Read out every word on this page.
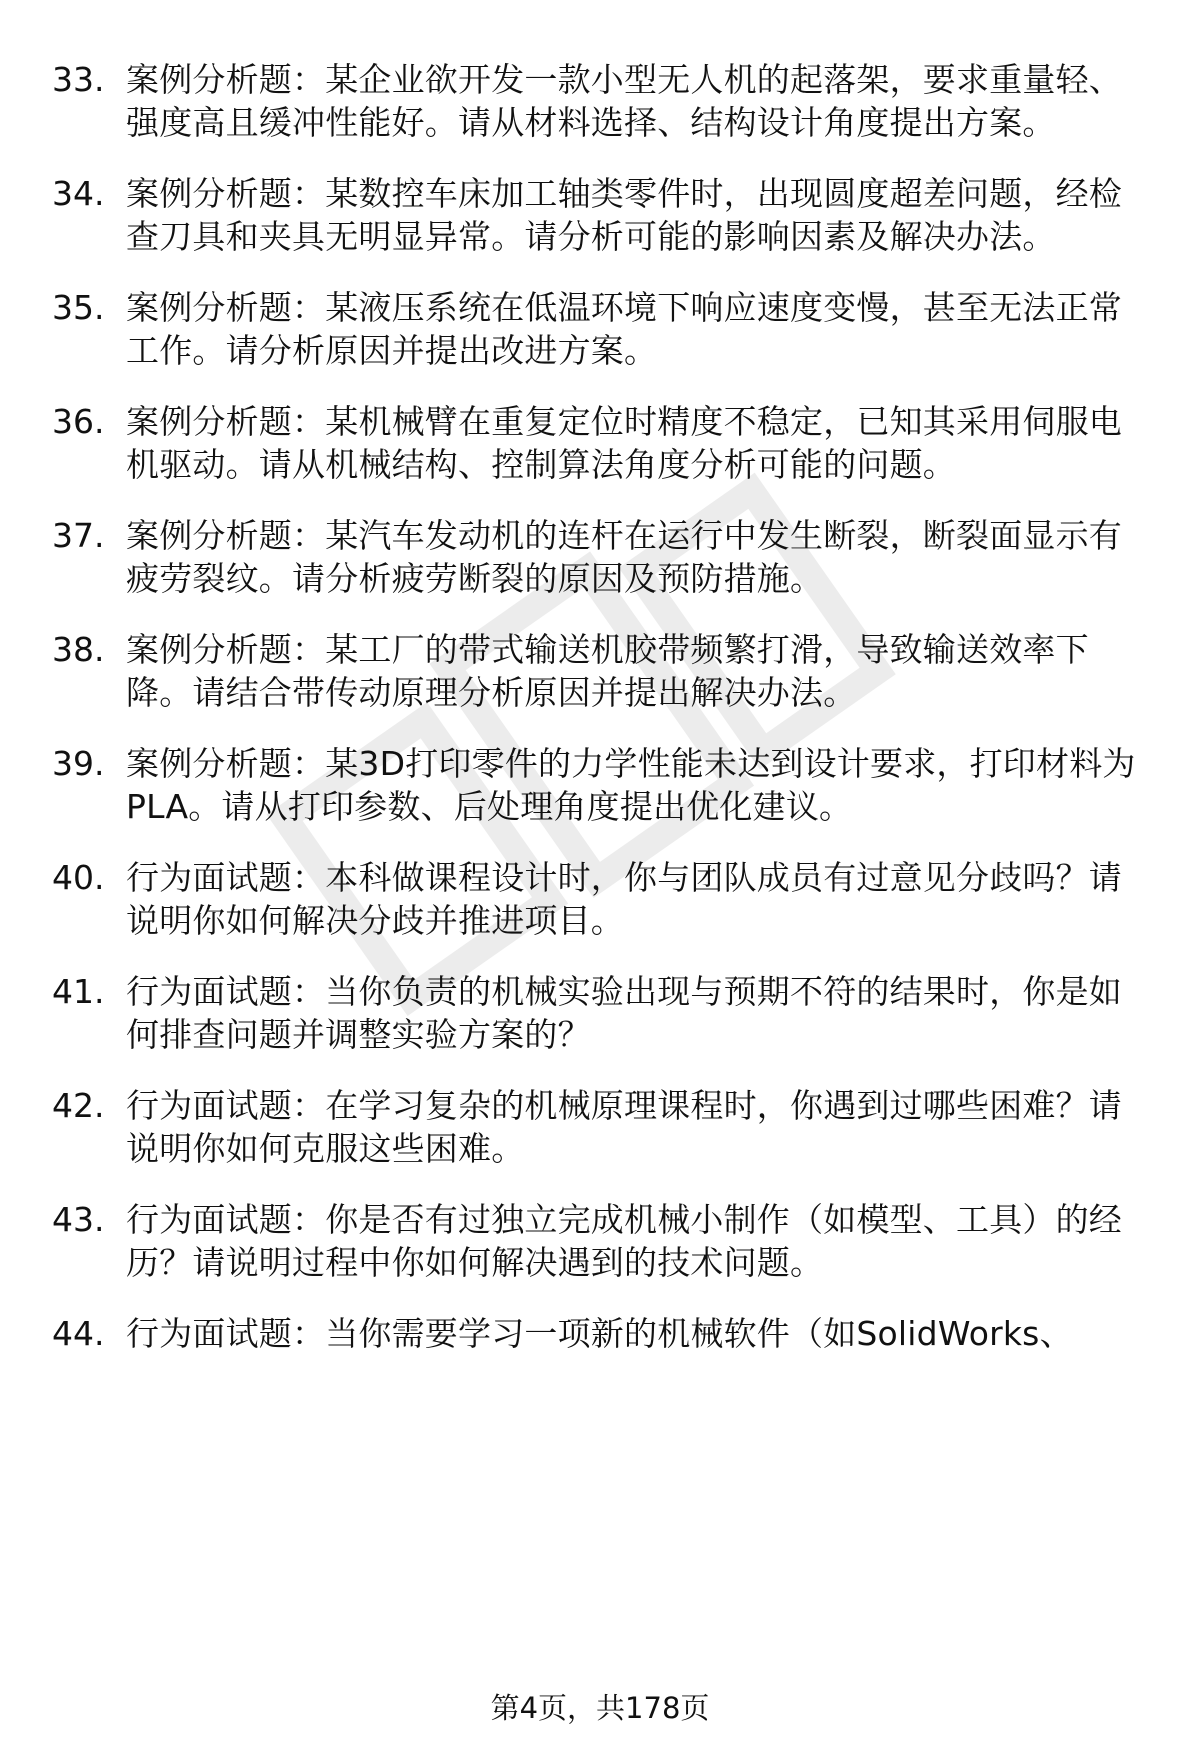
33. 案例分析题：某企业欲开发一款小型无人机的起落架，要求重量轻、强度高且缓冲性能好。请从材料选择、结构设计角度提出方案。
34. 案例分析题：某数控车床加工轴类零件时，出现圆度超差问题，经检查刀具和夹具无明显异常。请分析可能的影响因素及解决办法。
35. 案例分析题：某液压系统在低温环境下响应速度变慢，甚至无法正常工作。请分析原因并提出改进方案。
36. 案例分析题：某机械臂在重复定位时精度不稳定，已知其采用伺服电机驱动。请从机械结构、控制算法角度分析可能的问题。
37. 案例分析题：某汽车发动机的连杆在运行中发生断裂，断裂面显示有疲劳裂纹。请分析疲劳断裂的原因及预防措施。
38. 案例分析题：某工厂的带式输送机胶带频繁打滑，导致输送效率下降。请结合带传动原理分析原因并提出解决办法。
39. 案例分析题：某3D打印零件的力学性能未达到设计要求，打印材料为PLA。请从打印参数、后处理角度提出优化建议。
40. 行为面试题：本科做课程设计时，你与团队成员有过意见分歧吗？请说明你如何解决分歧并推进项目。
41. 行为面试题：当你负责的机械实验出现与预期不符的结果时，你是如何排查问题并调整实验方案的？
42. 行为面试题：在学习复杂的机械原理课程时，你遇到过哪些困难？请说明你如何克服这些困难。
43. 行为面试题：你是否有过独立完成机械小制作（如模型、工具）的经历？请说明过程中你如何解决遇到的技术问题。
44. 行为面试题：当你需要学习一项新的机械软件（如SolidWorks、
第4页，共178页
